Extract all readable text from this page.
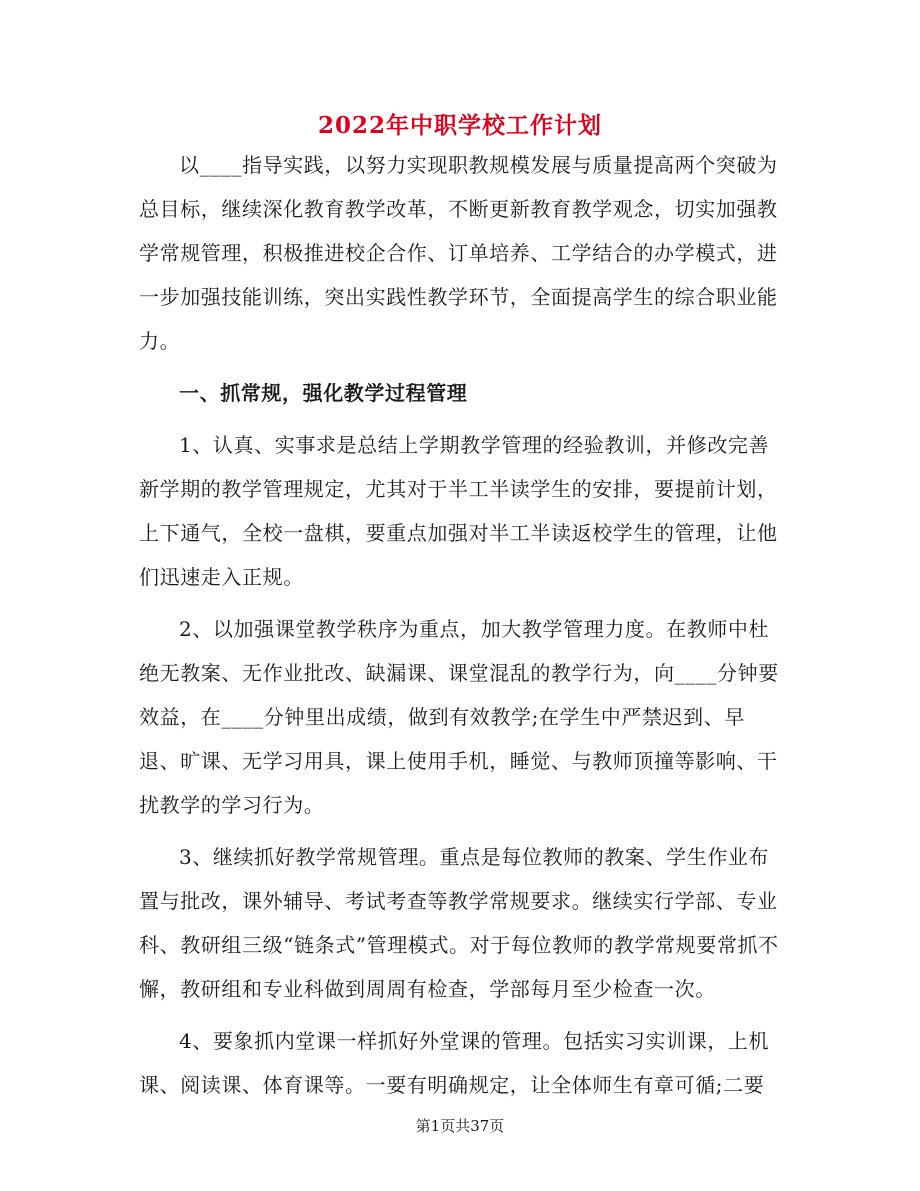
2022年中职学校工作计划

以____指导实践，以努力实现职教规模发展与质量提高两个突破为总目标，继续深化教育教学改革，不断更新教育教学观念，切实加强教学常规管理，积极推进校企合作、订单培养、工学结合的办学模式，进一步加强技能训练，突出实践性教学环节，全面提高学生的综合职业能力。

一、抓常规，强化教学过程管理

1、认真、实事求是总结上学期教学管理的经验教训，并修改完善新学期的教学管理规定，尤其对于半工半读学生的安排，要提前计划，上下通气，全校一盘棋，要重点加强对半工半读返校学生的管理，让他们迅速走入正规。

2、以加强课堂教学秩序为重点，加大教学管理力度。在教师中杜绝无教案、无作业批改、缺漏课、课堂混乱的教学行为，向____分钟要效益，在____分钟里出成绩，做到有效教学;在学生中严禁迟到、早退、旷课、无学习用具，课上使用手机，睡觉、与教师顶撞等影响、干扰教学的学习行为。

3、继续抓好教学常规管理。重点是每位教师的教案、学生作业布置与批改，课外辅导、考试考查等教学常规要求。继续实行学部、专业科、教研组三级“链条式”管理模式。对于每位教师的教学常规要常抓不懈，教研组和专业科做到周周有检查，学部每月至少检查一次。

4、要象抓内堂课一样抓好外堂课的管理。包括实习实训课，上机课、阅读课、体育课等。一要有明确规定，让全体师生有章可循;二要

第1页共37页
